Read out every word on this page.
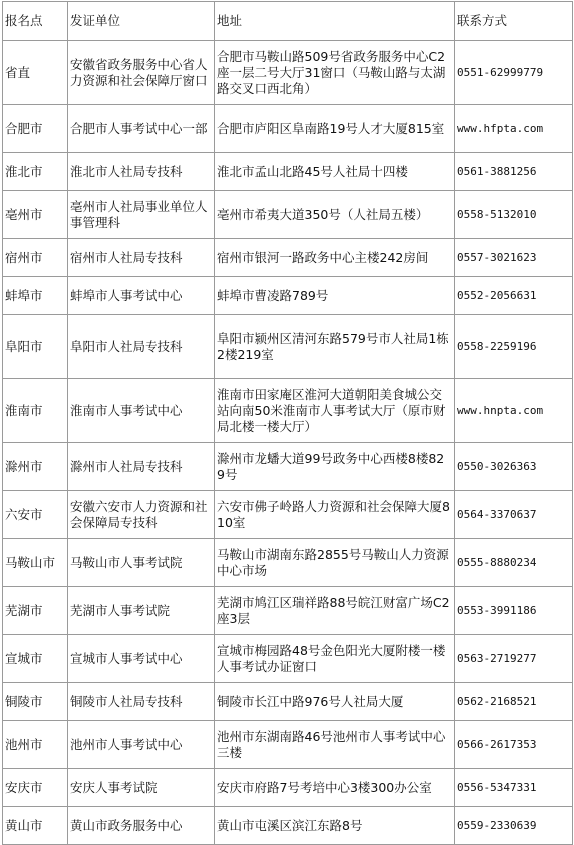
报名点	发证单位	地址	联系方式
省直	安徽省政务服务中心省人力资源和社会保障厅窗口	合肥市马鞍山路509号省政务服务中心C2座一层二号大厅31窗口（马鞍山路与太湖路交叉口西北角）	0551-62999779
合肥市	合肥市人事考试中心一部	合肥市庐阳区阜南路19号人才大厦815室	www.hfpta.com
淮北市	淮北市人社局专技科	淮北市孟山北路45号人社局十四楼	0561-3881256
亳州市	亳州市人社局事业单位人事管理科	亳州市希夷大道350号（人社局五楼）	0558-5132010
宿州市	宿州市人社局专技科	宿州市银河一路政务中心主楼242房间	0557-3021623
蚌埠市	蚌埠市人事考试中心	蚌埠市曹凌路789号	0552-2056631
阜阳市	阜阳市人社局专技科	阜阳市颍州区清河东路579号市人社局1栋2楼219室	0558-2259196
淮南市	淮南市人事考试中心	淮南市田家庵区淮河大道朝阳美食城公交站向南50米淮南市人事考试大厅（原市财局北楼一楼大厅）	www.hnpta.com
滁州市	滁州市人社局专技科	滁州市龙蟠大道99号政务中心西楼8楼829号	0550-3026363
六安市	安徽六安市人力资源和社会保障局专技科	六安市佛子岭路人力资源和社会保障大厦810室	0564-3370637
马鞍山市	马鞍山市人事考试院	马鞍山市湖南东路2855号马鞍山人力资源中心市场	0555-8880234
芜湖市	芜湖市人事考试院	芜湖市鸠江区瑞祥路88号皖江财富广场C2座3层	0553-3991186
宣城市	宣城市人事考试中心	宣城市梅园路48号金色阳光大厦附楼一楼人事考试办证窗口	0563-2719277
铜陵市	铜陵市人社局专技科	铜陵市长江中路976号人社局大厦	0562-2168521
池州市	池州市人事考试中心	池州市东湖南路46号池州市人事考试中心三楼	0566-2617353
安庆市	安庆人事考试院	安庆市府路7号考培中心3楼300办公室	0556-5347331
黄山市	黄山市政务服务中心	黄山市屯溪区滨江东路8号	0559-2330639
